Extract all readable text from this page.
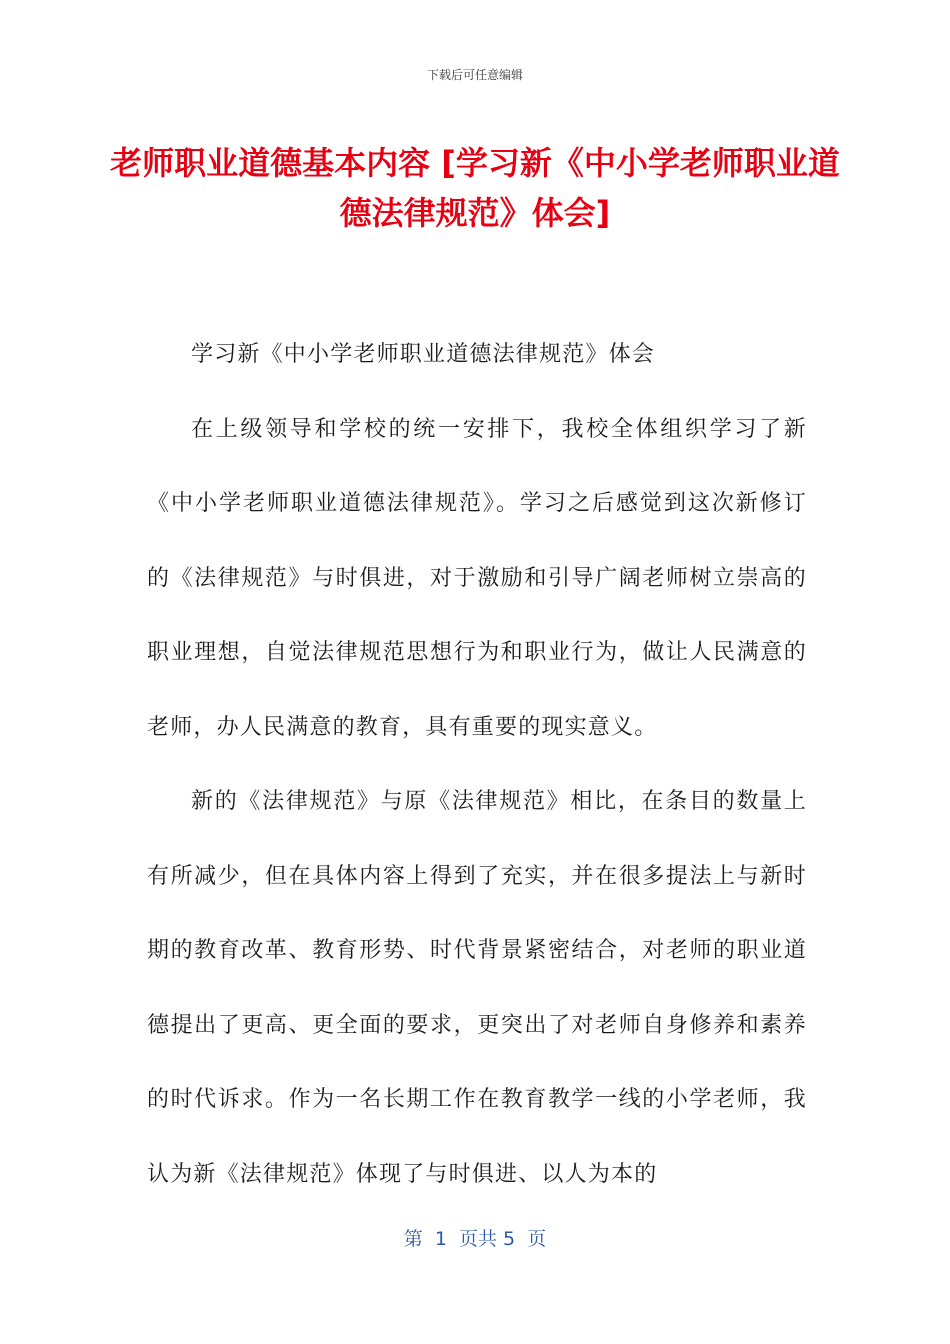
下载后可任意编辑
老师职业道德基本内容 [学习新《中小学老师职业道德法律规范》体会]

学习新《中小学老师职业道德法律规范》体会

在上级领导和学校的统一安排下，我校全体组织学习了新《中小学老师职业道德法律规范》。学习之后感觉到这次新修订的《法律规范》与时俱进，对于激励和引导广阔老师树立崇高的职业理想，自觉法律规范思想行为和职业行为，做让人民满意的老师，办人民满意的教育，具有重要的现实意义。

新的《法律规范》与原《法律规范》相比，在条目的数量上有所减少，但在具体内容上得到了充实，并在很多提法上与新时期的教育改革、教育形势、时代背景紧密结合，对老师的职业道德提出了更高、更全面的要求，更突出了对老师自身修养和素养的时代诉求。作为一名长期工作在教育教学一线的小学老师，我认为新《法律规范》体现了与时俱进、以人为本的

第  1  页共 5  页
